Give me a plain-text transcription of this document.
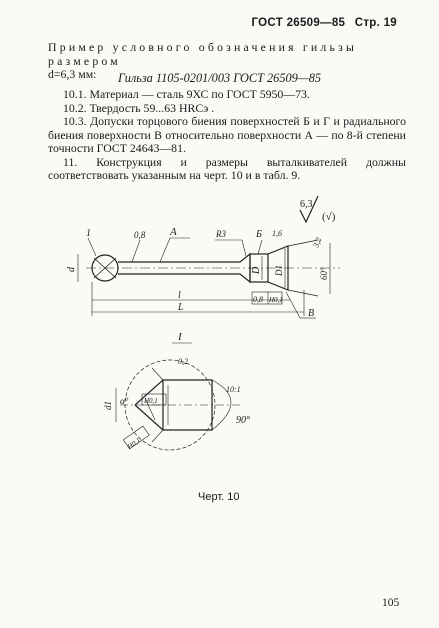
ГОСТ 26509—85 Стр. 19
Пример условного обозначения гильзы размером
d=6,3 мм:	Гильза 1105-0201/003 ГОСТ 26509—85
10.1. Материал — сталь 9ХС по ГОСТ 5950—73.
10.2. Твердость 59...63 HRCэ .
10.3. Допуски торцового биения поверхностей Б и Г и радиального биения поверхности В относительно поверхности А — по 8-й степени точности ГОСТ 24643—81.
11. Конструкция и размеры выталкивателей должны соответствовать указанным на черт. 10 и в табл. 9.
6,3
(√)
1	0,8 A	R3	Б 1,6
3,2
d	D D1	60°
0,8 Н0,1
В
l
L
I
0,2
α° Н0,1
Н0,1
90°
d1
10:1
Черт. 10
105
